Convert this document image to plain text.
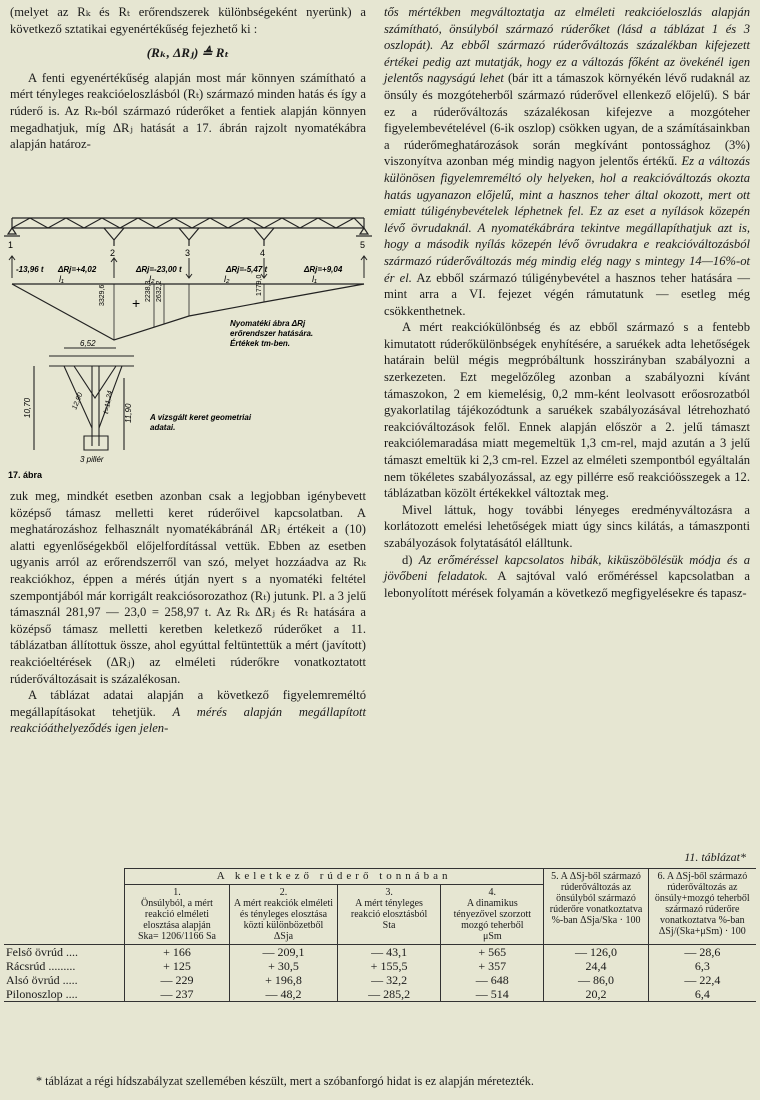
(melyet az Rₖ és Rₜ erőrendszerek különbségeként nyerünk) a következő sztatikai egyenértékűség fejezhető ki :

(Rₖ, ΔRⱼ) ≜ Rₜ

A fenti egyenértékűség alapján most már könnyen számítható a mért tényleges reakcióeloszlásból (Rₜ) származó minden hatás és így a rúderő is. Az Rₖ-ból származó rúderőket a fentiek alapján könnyen megadhatjuk, míg ΔRⱼ hatását a 17. ábrán rajzolt nyomatékábra alapján határoz-

1
2	3	4
5
-13,96 t ΔRj=+4,02	ΔRj=-23,00 t	ΔRj=-5,47 t	ΔRj=+9,04
l₁	l₂	l₂	l₁
3329,6	2238,3 2632,2	1779,0
+
Nyomatéki ábra ΔRj
erőrendszer hatására.
Értékek tm-ben.
6,52
10,70	11,90
12,90	ℓ=11,24
A vizsgált keret geometriai
adatai.
3 pillér
17. ábra

zuk meg, mindkét esetben azonban csak a legjobban igénybevett középső támasz melletti keret rúderőivel kapcsolatban. A meghatározáshoz felhasznált nyomatékábránál ΔRⱼ értékeit a (10) alatti egyenlőségekből előjelfordítással vettük. Ebben az esetben ugyanis arról az erőrendszerről van szó, melyet hozzáadva az Rₖ reakciókhoz, éppen a mérés útján nyert s a nyomatéki feltétel szempontjából már korrigált reakciósorozathoz (Rₜ) jutunk. Pl. a 3 jelű támasznál 281,97 — 23,0 = 258,97 t. Az Rₖ ΔRⱼ és Rₜ hatására a középső támasz melletti keretben keletkező rúderőket a 11. táblázatban állítottuk össze, ahol egyúttal feltüntettük a mért (javított) reakcióeltérések (ΔRⱼ) az elméleti rúderőkre vonatkoztatott rúderőváltozásait is százalékosan.

A táblázat adatai alapján a következő figyelemreméltó megállapításokat tehetjük. A mérés alapján megállapított reakcióáthelyeződés igen jelen-

tős mértékben megváltoztatja az elméleti reakcióeloszlás alapján számítható, önsúlyból származó rúderőket (lásd a táblázat 1 és 3 oszlopát). Az ebből származó rúderőváltozás százalékban kifejezett értékei pedig azt mutatják, hogy ez a változás főként az övekénél igen jelentős nagyságú lehet (bár itt a támaszok környékén lévő rudaknál az önsúly és mozgóteherből származó rúderővel ellenkező előjelű). S bár ez a rúderőváltozás százalékosan kifejezve a mozgóteher figyelembevételével (6-ik oszlop) csökken ugyan, de a számításainkban a rúderőmeghatározások során megkívánt pontossághoz (3%) viszonyítva azonban még mindig nagyon jelentős értékű. Ez a változás különösen figyelemreméltó oly helyeken, hol a reakcióváltozás okozta hatás ugyanazon előjelű, mint a hasznos teher által okozott, mert ott emiatt túligénybevételek léphetnek fel. Ez az eset a nyílások közepén lévő övrudaknál. A nyomatékábrára tekintve megállapíthatjuk azt is, hogy a második nyílás közepén lévő övrudakra e reakcióváltozásból származó rúderőváltozás még mindig elég nagy s mintegy 14—16%-ot ér el. Az ebből származó túligénybevétel a hasznos teher hatására — mint arra a VI. fejezet végén rámutatunk — esetleg még csökkenthetnek.

A mért reakciókülönbség és az ebből származó s a fentebb kimutatott rúderőkülönbségek enyhítésére, a saruékek adta lehetőségek határain belül mégis megpróbáltunk hosszirányban szabályozni a szerkezeten. Ezt megelőzőleg azonban a szabályozni kívánt támaszokon, 2 em kiemelésig, 0,2 mm-ként leolvasott erőosrozatból gyakorlatilag tájékozódtunk a saruékek szabályozásával létrehozható reakcióváltozások felől. Ennek alapján először a 2. jelű támaszt reakciólemaradása miatt megemeltük 1,3 cm-rel, majd azután a 3 jelű támaszt emeltük ki 2,3 cm-rel. Ezzel az elméleti szempontból egyáltalán nem tökéletes szabályozással, az egy pillérre eső reakcióösszegek a 12. táblázatban közölt értékekkel változtak meg.

Mivel láttuk, hogy további lényeges eredményváltozásra a korlátozott emelési lehetőségek miatt úgy sincs kilátás, a támaszponti szabályozások folytatásától elálltunk.

d) Az erőméréssel kapcsolatos hibák, kiküszöbölésük módja és a jövőbeni feladatok. A sajtóval való erőméréssel kapcsolatban a lebonyolított mérések folyamán a következő megfigyelésekre és tapasz-

11. táblázat*
	A keletkező rúderő tonnában				5. A ΔSj-ből származó rúderőváltozás az önsúlyból származó rúderőre vonatkoztatva %-ban ΔSja/Ska · 100	6. A ΔSj-ből származó rúderőváltozás az önsúly+mozgó teherből származó rúderőre vonatkoztatva %-ban ΔSj/(Ska+μSm) · 100
	1.
Önsúlyból, a mért reakció elméleti elosztása alapján
Ska= 1206/1166 Sa	2.
A mért reakciók elméleti és tényleges elosztása közti különbözetből
ΔSja	3.
A mért tényleges reakció elosztásból
Sta	4.
A dinamikus tényezővel szorzott mozgó teherből
μSm		
Felső övrúd ....	+ 166	— 209,1	— 43,1	+ 565	— 126,0	— 28,6
Rácsrúd .........	+ 125	+ 30,5	+ 155,5	+ 357	24,4	6,3
Alsó övrúd .....	— 229	+ 196,8	— 32,2	— 648	— 86,0	— 22,4
Pilonoszlop ....	— 237	— 48,2	— 285,2	— 514	20,2	6,4
* táblázat a régi hídszabályzat szellemében készült, mert a szóbanforgó hidat is ez alapján méretezték.
